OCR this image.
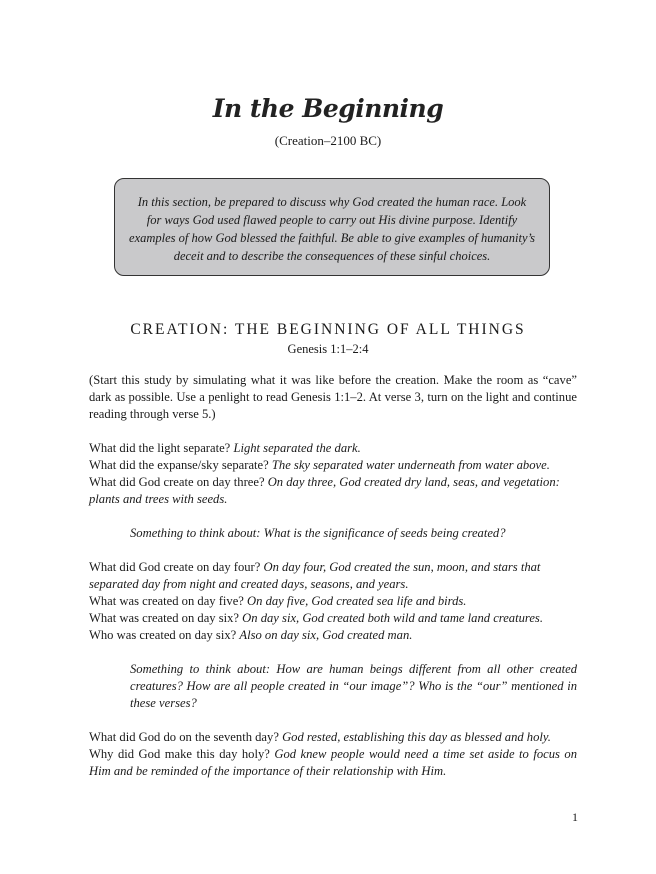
In the Beginning
(Creation–2100 BC)
In this section, be prepared to discuss why God created the human race. Look for ways God used flawed people to carry out His divine purpose. Identify examples of how God blessed the faithful. Be able to give examples of humanity’s deceit and to describe the consequences of these sinful choices.
CREATION: THE BEGINNING OF ALL THINGS
Genesis 1:1–2:4

(Start this study by simulating what it was like before the creation. Make the room as “cave” dark as possible. Use a penlight to read Genesis 1:1–2. At verse 3, turn on the light and continue reading through verse 5.)

What did the light separate? Light separated the dark.

What did the expanse/sky separate? The sky separated water underneath from water above.

What did God create on day three? On day three, God created dry land, seas, and vegetation: plants and trees with seeds.

Something to think about: What is the significance of seeds being created?

What did God create on day four? On day four, God created the sun, moon, and stars that separated day from night and created days, seasons, and years.

What was created on day five? On day five, God created sea life and birds.

What was created on day six? On day six, God created both wild and tame land creatures.

Who was created on day six? Also on day six, God created man.

Something to think about: How are human beings different from all other created creatures? How are all people created in “our image”? Who is the “our” mentioned in these verses?

What did God do on the seventh day? God rested, establishing this day as blessed and holy.

Why did God make this day holy? God knew people would need a time set aside to focus on Him and be reminded of the importance of their relationship with Him.

1
